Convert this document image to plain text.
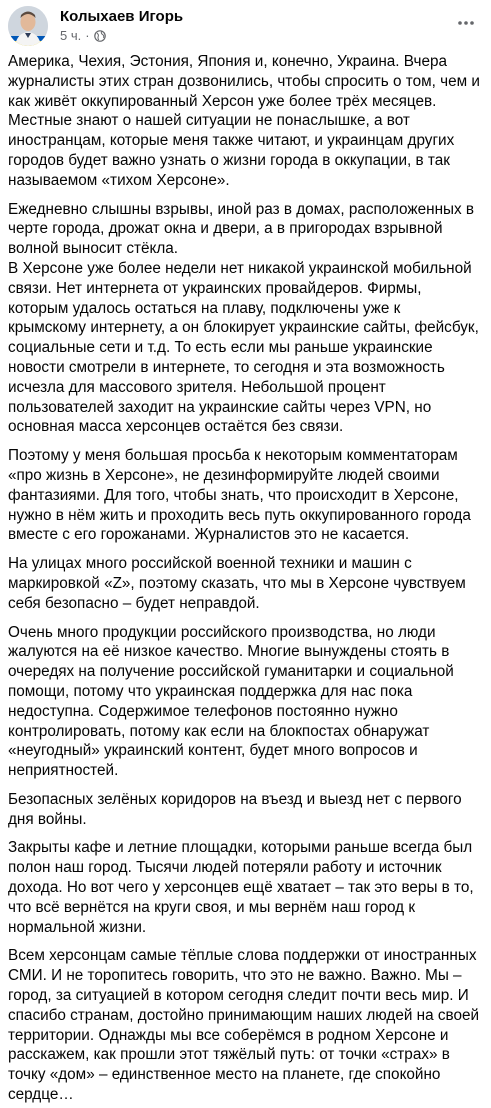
Колыхаев Игорь
5 ч. ·

Америка, Чехия, Эстония, Япония и, конечно, Украина. Вчера журналисты этих стран дозвонились, чтобы спросить о том, чем и как живёт оккупированный Херсон уже более трёх месяцев. Местные знают о нашей ситуации не понаслышке, а вот иностранцам, которые меня также читают, и украинцам других городов будет важно узнать о жизни города в оккупации, в так называемом «тихом Херсоне».

Ежедневно слышны взрывы, иной раз в домах, расположенных в черте города, дрожат окна и двери, а в пригородах взрывной волной выносит стёкла.

В Херсоне уже более недели нет никакой украинской мобильной связи. Нет интернета от украинских провайдеров. Фирмы, которым удалось остаться на плаву, подключены уже к крымскому интернету, а он блокирует украинские сайты, фейсбук, социальные сети и т.д. То есть если мы раньше украинские новости смотрели в интернете, то сегодня и эта возможность исчезла для массового зрителя. Небольшой процент пользователей заходит на украинские сайты через VPN, но основная масса херсонцев остаётся без связи.

Поэтому у меня большая просьба к некоторым комментаторам «про жизнь в Херсоне», не дезинформируйте людей своими фантазиями. Для того, чтобы знать, что происходит в Херсоне, нужно в нём жить и проходить весь путь оккупированного города вместе с его горожанами. Журналистов это не касается.

На улицах много российской военной техники и машин с маркировкой «Z», поэтому сказать, что мы в Херсоне чувствуем себя безопасно – будет неправдой.

Очень много продукции российского производства, но люди жалуются на её низкое качество. Многие вынуждены стоять в очередях на получение российской гуманитарки и социальной помощи, потому что украинская поддержка для нас пока недоступна. Содержимое телефонов постоянно нужно контролировать, потому как если на блокпостах обнаружат «неугодный» украинский контент, будет много вопросов и неприятностей.

Безопасных зелёных коридоров на въезд и выезд нет с первого дня войны.

Закрыты кафе и летние площадки, которыми раньше всегда был полон наш город. Тысячи людей потеряли работу и источник дохода. Но вот чего у херсонцев ещё хватает – так это веры в то, что всё вернётся на круги своя, и мы вернём наш город к нормальной жизни.

Всем херсонцам самые тёплые слова поддержки от иностранных СМИ. И не торопитесь говорить, что это не важно. Важно. Мы – город, за ситуацией в котором сегодня следит почти весь мир. И спасибо странам, достойно принимающим наших людей на своей территории. Однажды мы все соберёмся в родном Херсоне и расскажем, как прошли этот тяжёлый путь: от точки «страх» в точку «дом» – единственное место на планете, где спокойно сердце…
